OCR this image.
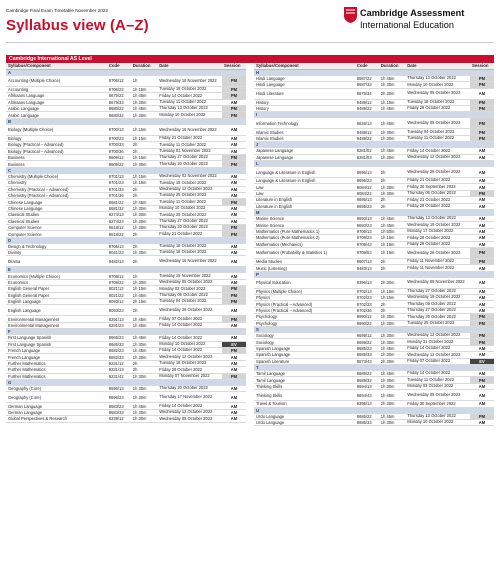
Cambridge Final Exam Timetable November 2022
Syllabus view (A–Z)
Cambridge Assessment
International Education
Cambridge International AS Level
Syllabus/Component	Code	Duration	Date	Session
A				
Accounting (Multiple Choice)	9706/12	1h	Wednesday 16 November 2022	PM
Accounting	9706/22	1h 15m	Tuesday 18 October 2022	PM
Afrikaans Language	8679/22	1h 45m	Friday 14 October 2022	PM
Afrikaans Language	8679/33	1h 30m	Tuesday 11 October 2022	AM
Arabic Language	8680/22	1h 45m	Thursday 13 October 2022	PM
Arabic Language	8680/32	1h 30m	Monday 10 October 2022	PM
B				
Biology (Multiple Choice)	9700/13	1h 15m	Wednesday 16 November 2022	AM
Biology	9700/23	1h 15m	Friday 21 October 2022	AM
Biology (Practical – Advanced)	9700/33	2h	Tuesday 11 October 2022	AM
Biology (Practical – Advanced)	9700/36	2h	Tuesday 01 November 2022	AM
Business	9609/12	1h 15m	Thursday 27 October 2022	PM
Business	9609/22	1h 30m	Thursday 20 October 2022	PM
C				
Chemistry (Multiple Choice)	9701/13	1h 15m	Wednesday 02 November 2022	AM
Chemistry	9701/23	1h 15m	Tuesday 18 October 2022	AM
Chemistry (Practical – Advanced)	9701/33	2h	Wednesday 12 October 2022	AM
Chemistry (Practical – Advanced)	9701/36	2h	Tuesday 25 October 2022	AM
Chinese Language	8681/22	1h 45m	Tuesday 11 October 2022	PM
Chinese Language	8681/32	1h 30m	Monday 10 October 2022	AM
Classical Studies	9274/13	1h 30m	Tuesday 25 October 2022	AM
Classical Studies	9274/23	1h 30m	Thursday 27 October 2022	AM
Computer Science	9618/12	1h 30m	Thursday 20 October 2022	PM
Computer Science	9618/22	2h	Friday 21 October 2022	PM
D				
Design & Technology	9705/13	2h	Tuesday 18 October 2022	AM
Divinity	8041/23	1h 30m	Tuesday 18 October 2022	AM
Drama	9482/13	2h	Wednesday 16 November 2022	AM
E				
Economics (Multiple Choice)	9708/12	1h	Tuesday 15 November 2022	AM
Economics	9708/22	1h 30m	Wednesday 05 October 2022	AM
English General Paper	8021/12	1h 15m	Monday 03 October 2022	PM
English General Paper	8021/22	1h 45m	Thursday 06 October 2022	PM
English Language	9093/12	2h 15m	Tuesday 04 October 2022	PM
English Language	9093/23	2h	Wednesday 26 October 2022	AM
Environmental Management	8291/13	1h 45m	Friday 07 October 2022	PM
Environmental Management	8291/23	1h 45m	Friday 14 October 2022	AM
F				
First Language Spanish	8665/23	1h 45m	Friday 14 October 2022	AM
First Language Spanish	8665/33	1h 30m	Monday 10 October 2022	EV
French Language	8682/23	1h 45m	Friday 14 October 2022	PM
French Language	8682/33	1h 30m	Wednesday 12 October 2022	AM
Further Mathematics	9231/12	2h	Tuesday 18 October 2022	AM
Further Mathematics	9231/13	2h	Friday 28 October 2022	AM
Further Mathematics	9231/42	1h 30m	Monday 07 November 2022	PM
G				
Geography (Core)	9696/13	1h 30m	Thursday 20 October 2022	AM
Geography (Core)	9696/23	1h 30m	Thursday 17 November 2022	AM
German Language	8683/23	1h 45m	Friday 14 October 2022	AM
German Language	8683/33	1h 30m	Wednesday 12 October 2022	AM
Global Perspectives & Research	9239/12	1h 30m	Wednesday 05 October 2022	AM
Syllabus/Component	Code	Duration	Date	Session
H				
Hindi Language	8687/22	1h 45m	Thursday 13 October 2022	PM
Hindi Language	8687/33	1h 30m	Monday 10 October 2022	PM
Hindi Literature	8675/34	2h 30m	Wednesday 05 October 2022	AM
History	9489/12	1h 15m	Tuesday 18 October 2022	PM
History	9489/22	1h 45m	Friday 28 October 2022	PM
I				
Information Technology	9626/13	1h 45m	Wednesday 05 October 2022	PM
Islamic Studies	9488/12	1h 30m	Tuesday 04 October 2022	PM
Islamic Studies	9488/22	1h 30m	Tuesday 11 October 2022	PM
J				
Japanese Language	8281/02	1h 45m	Friday 14 October 2022	AM
Japanese Language	8281/03	1h 30m	Wednesday 12 October 2022	AM
L				
Language & Literature in English	8695/13	2h	Wednesday 26 October 2022	AM
Language & Literature in English	8695/23	2h	Friday 21 October 2022	AM
Law	9084/12	1h 30m	Friday 30 September 2022	AM
Law	9084/22	1h 30m	Thursday 06 October 2022	PM
Literature in English	9695/13	2h	Friday 21 October 2022	AM
Literature in English	9695/23	2h	Friday 28 October 2022	AM
M				
Marine Science	9693/13	1h 45m	Thursday 13 October 2022	AM
Marine Science	9693/23	1h 45m	Wednesday 19 October 2022	AM
Mathematics (Pure Mathematics 1)	9709/13	1h 50m	Monday 17 October 2022	AM
Mathematics (Pure Mathematics 2)	9709/23	1h 15m	Friday 28 October 2022	AM
Mathematics (Mechanics)	9709/43	1h 15m	Friday 28 October 2022	AM
Mathematics (Probability & Statistics 1)	9709/53	1h 15m	Wednesday 26 October 2022	PM
Media Studies	9607/13	2h	Friday 11 November 2022	PM
Music (Listening)	9483/13	2h	Friday 11 November 2022	AM
P				
Physical Education	9396/13	2h 30m	Wednesday 09 November 2022	AM
Physics (Multiple Choice)	9702/13	1h 15m	Thursday 27 October 2022	AM
Physics	9702/23	1h 15m	Wednesday 19 October 2022	AM
Physics (Practical – Advanced)	9702/33	2h	Thursday 06 October 2022	AM
Physics (Practical – Advanced)	9702/36	2h	Thursday 27 October 2022	AM
Psychology	9990/12	1h 30m	Thursday 20 October 2022	PM
Psychology	9990/22	1h 30m	Tuesday 25 October 2022	PM
S				
Sociology	9699/12	1h 30m	Wednesday 12 October 2022	PM
Sociology	9699/22	1h 30m	Monday 31 October 2022	PM
Spanish Language	8685/23	1h 45m	Friday 14 October 2022	AM
Spanish Language	8685/33	1h 30m	Wednesday 12 October 2022	AM
Spanish Literature	8673/43	2h 30m	Friday 07 October 2022	EV
T				
Tamil Language	8689/22	1h 45m	Friday 14 October 2022	AM
Tamil Language	8689/32	1h 30m	Tuesday 11 October 2022	PM
Thinking Skills	9694/13	1h 30m	Monday 03 October 2022	AM
Thinking Skills	9694/43	1h 45m	Wednesday 05 October 2022	AM
Travel & Tourism	9395/13	2h 30m	Friday 30 September 2022	AM
U				
Urdu Language	8686/22	1h 45m	Thursday 13 October 2022	PM
Urdu Language	8686/33	1h 30m	Monday 10 October 2022	AM
